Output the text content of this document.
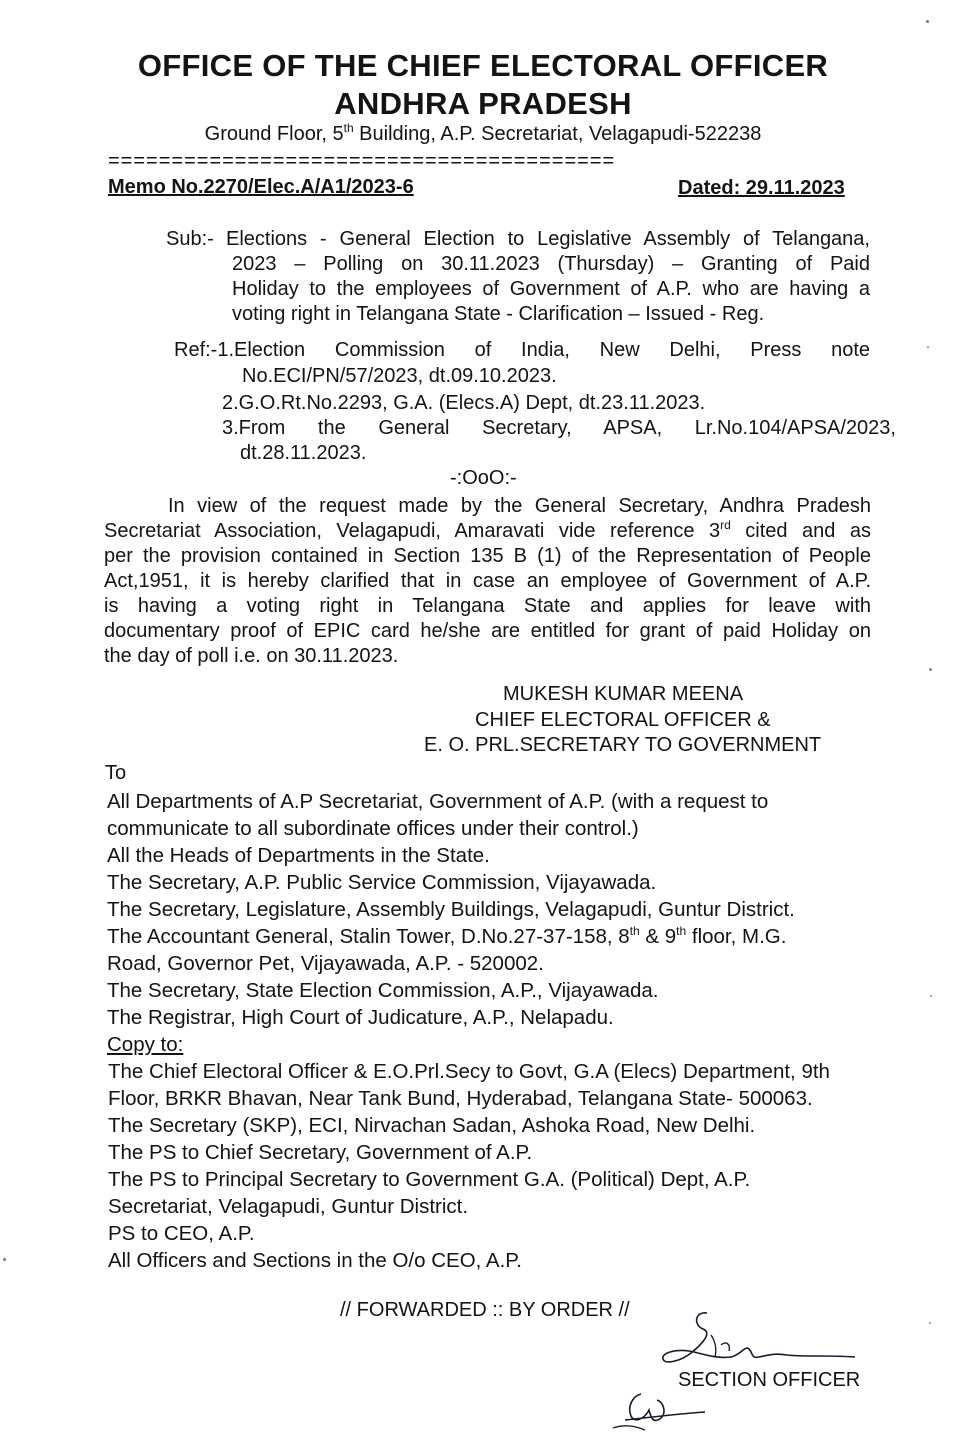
OFFICE OF THE CHIEF ELECTORAL OFFICER
ANDHRA PRADESH
Ground Floor, 5th Building, A.P. Secretariat, Velagapudi-522238
========================================
Memo No.2270/Elec.A/A1/2023-6	Dated: 29.11.2023
Sub:- Elections - General Election to Legislative Assembly of Telangana,
2023 – Polling on 30.11.2023 (Thursday) – Granting of Paid
Holiday to the employees of Government of A.P. who are having a
voting right in Telangana State - Clarification – Issued - Reg.
Ref:-1.Election Commission of India, New Delhi, Press note
No.ECI/PN/57/2023, dt.09.10.2023.
2.G.O.Rt.No.2293, G.A. (Elecs.A) Dept, dt.23.11.2023.
3.From the General Secretary, APSA, Lr.No.104/APSA/2023,
dt.28.11.2023.
-:OoO:-
In view of the request made by the General Secretary, Andhra Pradesh
Secretariat Association, Velagapudi, Amaravati vide reference 3rd cited and as
per the provision contained in Section 135 B (1) of the Representation of People
Act,1951, it is hereby clarified that in case an employee of Government of A.P.
is having a voting right in Telangana State and applies for leave with
documentary proof of EPIC card he/she are entitled for grant of paid Holiday on
the day of poll i.e. on 30.11.2023.
MUKESH KUMAR MEENA
CHIEF ELECTORAL OFFICER &
E. O. PRL.SECRETARY TO GOVERNMENT
To
All Departments of A.P Secretariat, Government of A.P. (with a request to
communicate to all subordinate offices under their control.)
All the Heads of Departments in the State.
The Secretary, A.P. Public Service Commission, Vijayawada.
The Secretary, Legislature, Assembly Buildings, Velagapudi, Guntur District.
The Accountant General, Stalin Tower, D.No.27-37-158, 8th & 9th floor, M.G.
Road, Governor Pet, Vijayawada, A.P. - 520002.
The Secretary, State Election Commission, A.P., Vijayawada.
The Registrar, High Court of Judicature, A.P., Nelapadu.
Copy to:
The Chief Electoral Officer & E.O.Prl.Secy to Govt, G.A (Elecs) Department, 9th
Floor, BRKR Bhavan, Near Tank Bund, Hyderabad, Telangana State- 500063.
The Secretary (SKP), ECI, Nirvachan Sadan, Ashoka Road, New Delhi.
The PS to Chief Secretary, Government of A.P.
The PS to Principal Secretary to Government G.A. (Political) Dept, A.P.
Secretariat, Velagapudi, Guntur District.
PS to CEO, A.P.
All Officers and Sections in the O/o CEO, A.P.
// FORWARDED :: BY ORDER //
SECTION OFFICER
